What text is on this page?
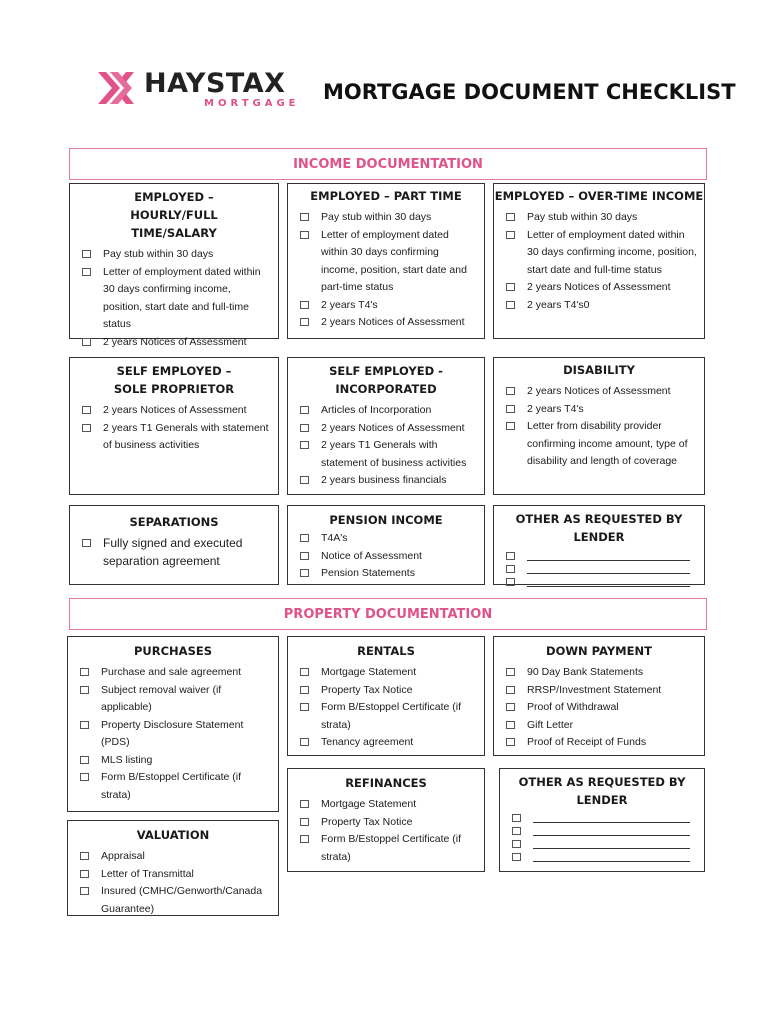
HAYSTAX
MORTGAGE MORTGAGE DOCUMENT CHECKLIST
INCOME DOCUMENTATION
EMPLOYED – HOURLY/FULL TIME/SALARY
Pay stub within 30 days
Letter of employment dated within 30 days confirming income, position, start date and full-time status
2 years Notices of Assessment
EMPLOYED – PART TIME
Pay stub within 30 days
Letter of employment dated within 30 days confirming income, position, start date and part-time status
2 years T4's
2 years Notices of Assessment
EMPLOYED – OVER-TIME INCOME
Pay stub within 30 days
Letter of employment dated within 30 days confirming income, position, start date and full-time status
2 years Notices of Assessment
2 years T4's0
SELF EMPLOYED – SOLE PROPRIETOR
2 years Notices of Assessment
2 years T1 Generals with statement of business activities
SELF EMPLOYED - INCORPORATED
Articles of Incorporation
2 years Notices of Assessment
2 years T1 Generals with statement of business activities
2 years business financials
DISABILITY
2 years Notices of Assessment
2 years T4's
Letter from disability provider confirming income amount, type of disability and length of coverage
SEPARATIONS
Fully signed and executed separation agreement
PENSION INCOME
T4A's
Notice of Assessment
Pension Statements
OTHER AS REQUESTED BY LENDER
PROPERTY DOCUMENTATION
PURCHASES
Purchase and sale agreement
Subject removal waiver (if applicable)
Property Disclosure Statement (PDS)
MLS listing
Form B/Estoppel Certificate (if strata)
RENTALS
Mortgage Statement
Property Tax Notice
Form B/Estoppel Certificate (if strata)
Tenancy agreement
DOWN PAYMENT
90 Day Bank Statements
RRSP/Investment Statement
Proof of Withdrawal
Gift Letter
Proof of Receipt of Funds
REFINANCES
Mortgage Statement
Property Tax Notice
Form B/Estoppel Certificate (if strata)
OTHER AS REQUESTED BY LENDER
VALUATION
Appraisal
Letter of Transmittal
Insured (CMHC/Genworth/Canada Guarantee)
